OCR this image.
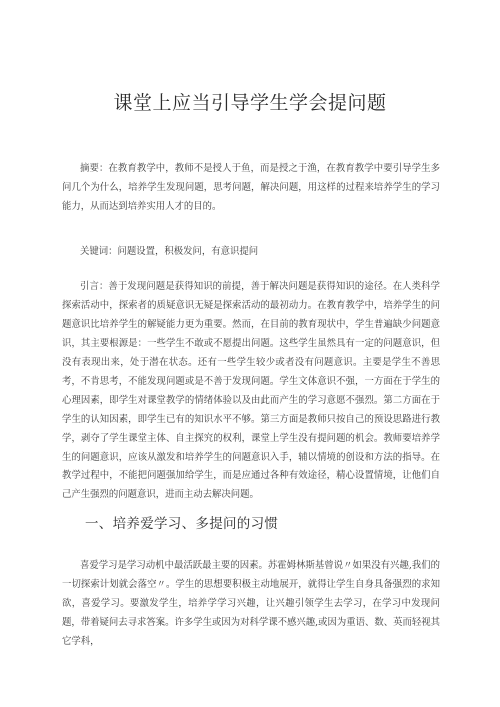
课堂上应当引导学生学会提问题

摘要：在教育教学中，教师不是授人于鱼，而是授之于渔，在教育教学中要引导学生多问几个为什么，培养学生发现问题，思考问题，解决问题，用这样的过程来培养学生的学习能力，从而达到培养实用人才的目的。

关键词：问题设置，积极发问，有意识提问

引言：善于发现问题是获得知识的前提，善于解决问题是获得知识的途径。在人类科学探索活动中，探索者的质疑意识无疑是探索活动的最初动力。在教育教学中，培养学生的问题意识比培养学生的解疑能力更为重要。然而，在目前的教育现状中，学生普遍缺少问题意识，其主要根源是：一些学生不敢或不愿提出问题。这些学生虽然具有一定的问题意识，但没有表现出来，处于潜在状态。还有一些学生较少或者没有问题意识。主要是学生不善思考，不肯思考，不能发现问题或是不善于发现问题。学生文体意识不强，一方面在于学生的心理因素，即学生对课堂教学的情绪体验以及由此而产生的学习意愿不强烈。第二方面在于学生的认知因素，即学生已有的知识水平不够。第三方面是教师只按自己的预设思路进行教学，剥夺了学生课堂主体、自主探究的权利，课堂上学生没有提问题的机会。教师要培养学生的问题意识，应该从激发和培养学生的问题意识入手，辅以情境的创设和方法的指导。在教学过程中，不能把问题强加给学生，而是应通过各种有效途径，精心设置情境，让他们自己产生强烈的问题意识，进而主动去解决问题。

一、培养爱学习、多提问的习惯

喜爱学习是学习动机中最活跃最主要的因素。苏霍姆林斯基曾说〃如果没有兴趣,我们的一切探索计划就会落空〃。学生的思想要积极主动地展开，就得让学生自身具备强烈的求知欲，喜爱学习。要激发学生，培养学学习兴趣，让兴趣引领学生去学习，在学习中发现问题，带着疑问去寻求答案。许多学生或因为对科学课不感兴趣,或因为重语、数、英而轻视其它学科，
